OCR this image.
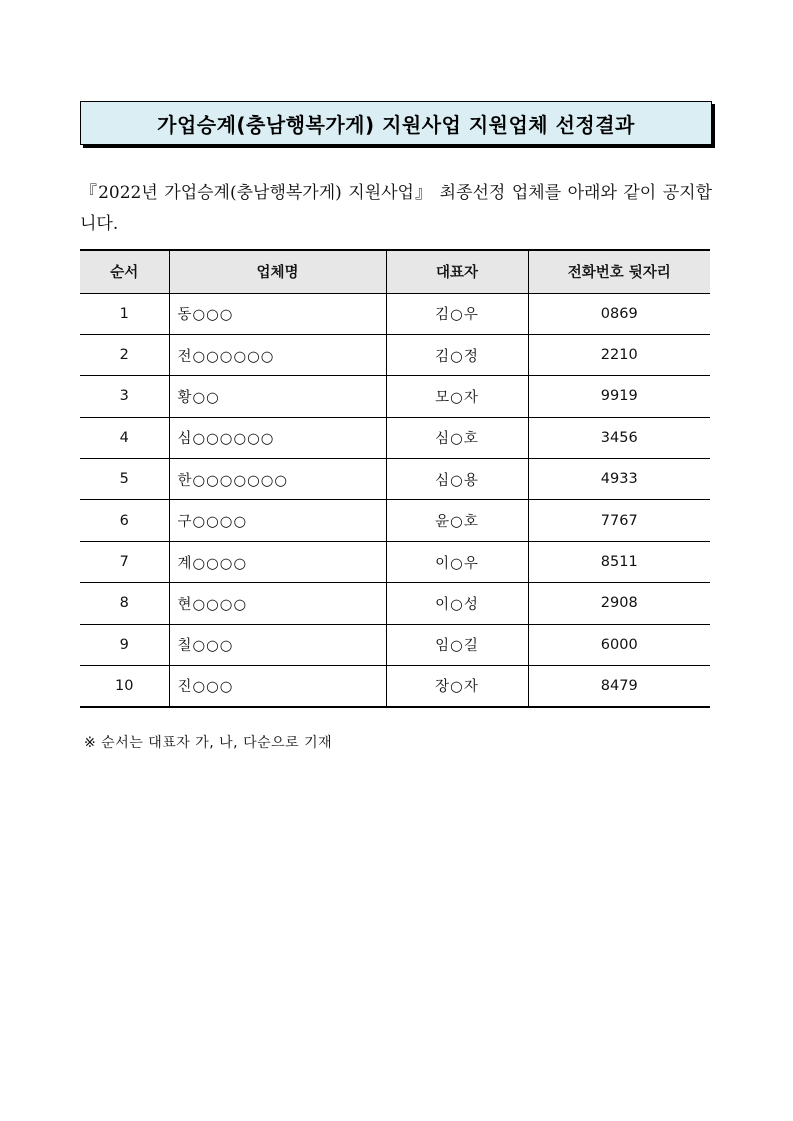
가업승계(충남행복가게) 지원사업 지원업체 선정결과
『2022년 가업승계(충남행복가게) 지원사업』 최종선정 업체를 아래와 같이 공지합니다.
순서	업체명	대표자	전화번호 뒷자리
1	동○○○	김○우	0869
2	전○○○○○○	김○정	2210
3	황○○	모○자	9919
4	심○○○○○○	심○호	3456
5	한○○○○○○○	심○용	4933
6	구○○○○	윤○호	7767
7	계○○○○	이○우	8511
8	현○○○○	이○성	2908
9	칠○○○	임○길	6000
10	진○○○	장○자	8479
※ 순서는 대표자 가, 나, 다순으로 기재
